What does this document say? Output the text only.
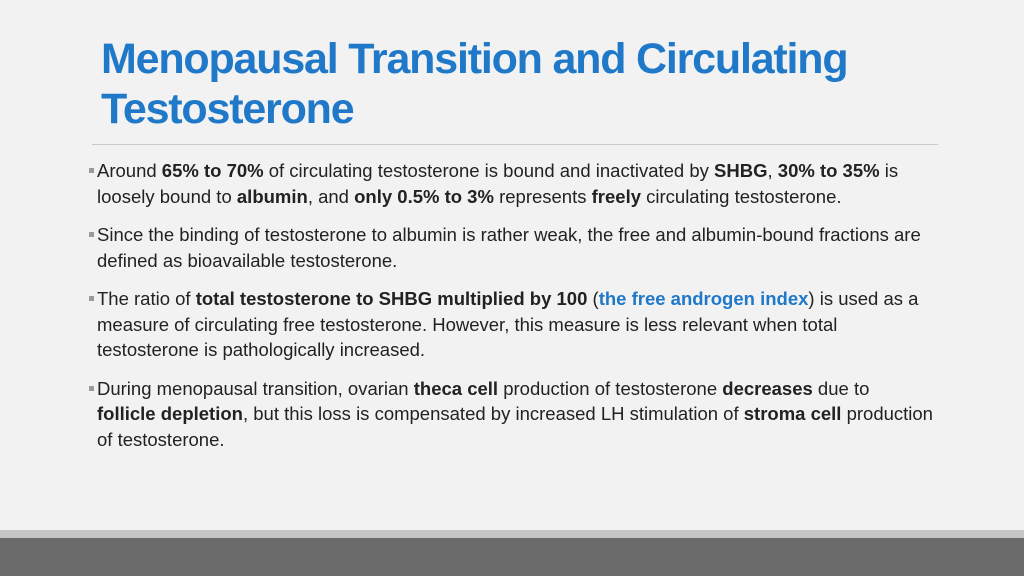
Menopausal Transition and Circulating Testosterone

Around 65% to 70% of circulating testosterone is bound and inactivated by SHBG, 30% to 35% is loosely bound to albumin, and only 0.5% to 3% represents freely circulating testosterone.

Since the binding of testosterone to albumin is rather weak, the free and albumin-bound fractions are defined as bioavailable testosterone.

The ratio of total testosterone to SHBG multiplied by 100 (the free androgen index) is used as a measure of circulating free testosterone. However, this measure is less relevant when total testosterone is pathologically increased.

During menopausal transition, ovarian theca cell production of testosterone decreases due to follicle depletion, but this loss is compensated by increased LH stimulation of stroma cell production of testosterone.
